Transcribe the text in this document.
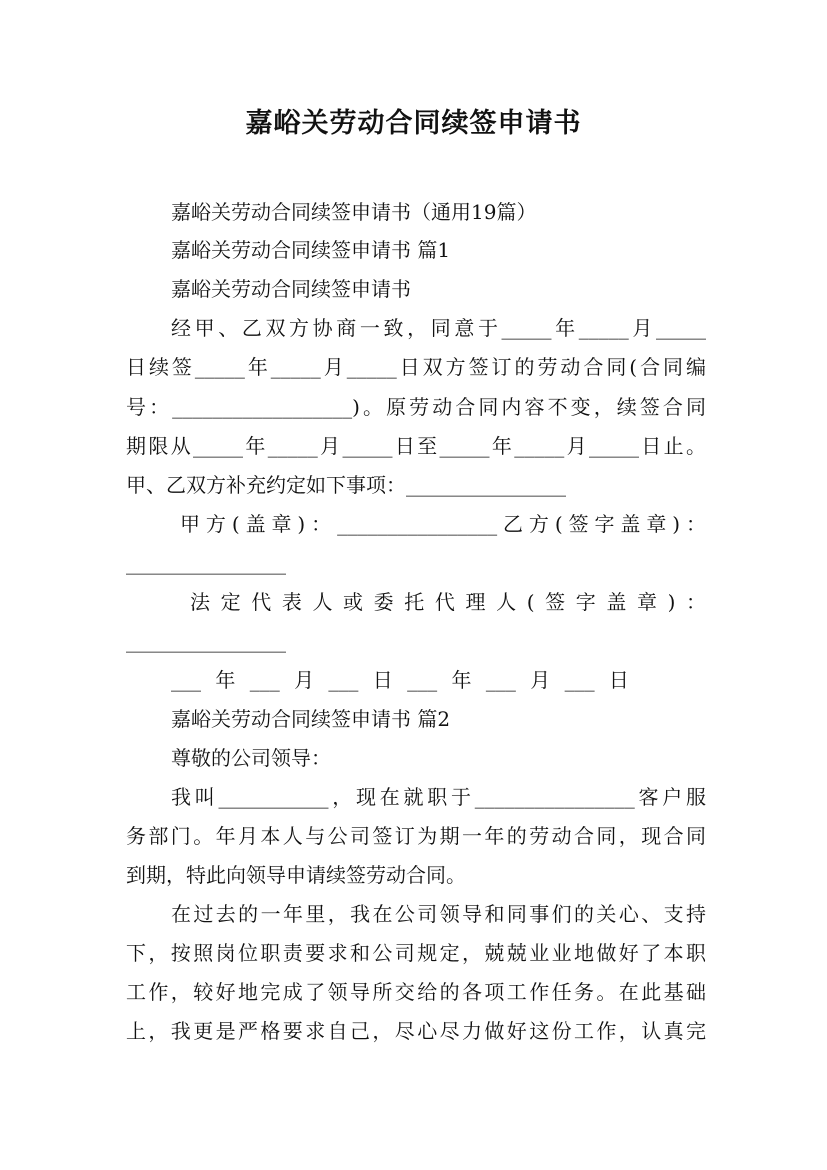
嘉峪关劳动合同续签申请书
嘉峪关劳动合同续签申请书（通用19篇）
嘉峪关劳动合同续签申请书 篇1
嘉峪关劳动合同续签申请书
经甲、乙双方协商一致，同意于_____年_____月_____
日续签_____年_____月_____日双方签订的劳动合同(合同编
号：__________________)。原劳动合同内容不变，续签合同
期限从_____年_____月_____日至_____年_____月_____日止。
甲、乙双方补充约定如下事项：________________
甲方(盖章)：________________乙方(签字盖章)：
________________
法定代表人或委托代理人(签字盖章)：
________________
___ 年 ___ 月 ___ 日 ___ 年 ___ 月 ___ 日
嘉峪关劳动合同续签申请书 篇2
尊敬的公司领导：
我叫___________，现在就职于________________客户服
务部门。年月本人与公司签订为期一年的劳动合同，现合同
到期，特此向领导申请续签劳动合同。
在过去的一年里，我在公司领导和同事们的关心、支持
下，按照岗位职责要求和公司规定，兢兢业业地做好了本职
工作，较好地完成了领导所交给的各项工作任务。在此基础
上，我更是严格要求自己，尽心尽力做好这份工作，认真完
